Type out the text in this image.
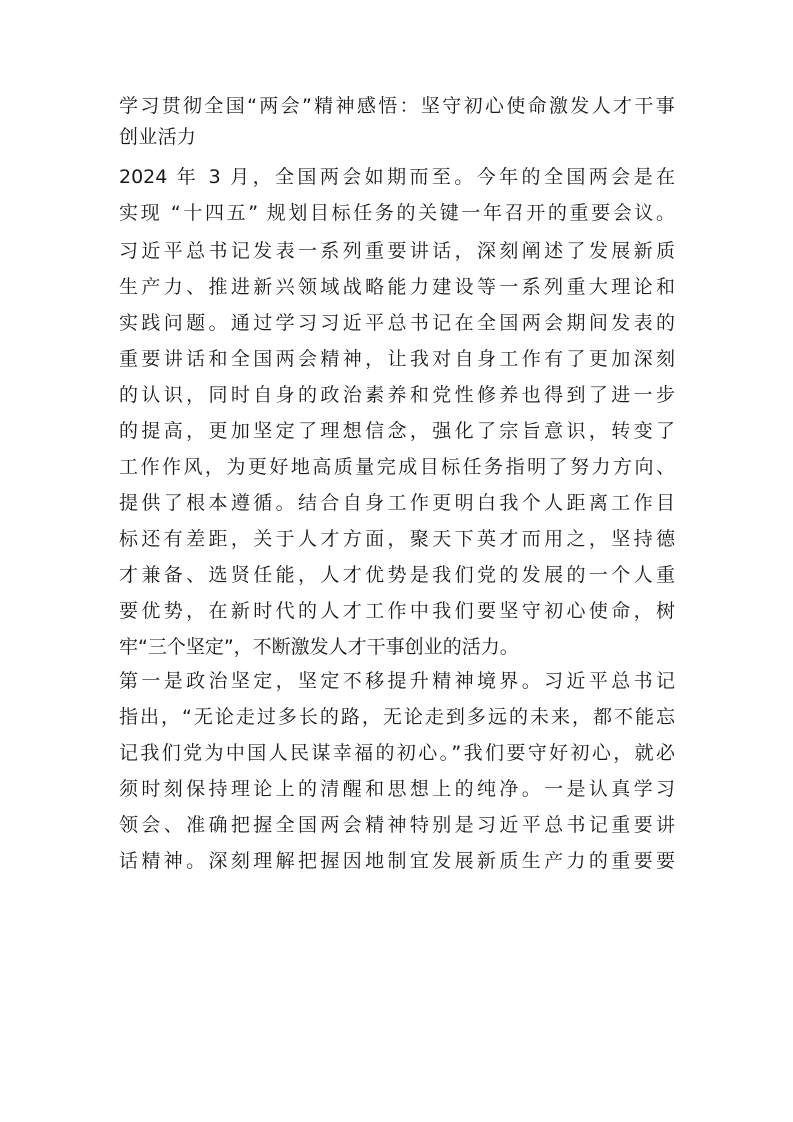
学习贯彻全国“两会”精神感悟：坚守初心使命激发人才干事
创业活力
2024 年 3 月，全国两会如期而至。今年的全国两会是在
实现 “十四五” 规划目标任务的关键一年召开的重要会议。
习近平总书记发表一系列重要讲话，深刻阐述了发展新质
生产力、推进新兴领域战略能力建设等一系列重大理论和
实践问题。通过学习习近平总书记在全国两会期间发表的
重要讲话和全国两会精神，让我对自身工作有了更加深刻
的认识，同时自身的政治素养和党性修养也得到了进一步
的提高，更加坚定了理想信念，强化了宗旨意识，转变了
工作作风，为更好地高质量完成目标任务指明了努力方向、
提供了根本遵循。结合自身工作更明白我个人距离工作目
标还有差距，关于人才方面，聚天下英才而用之，坚持德
才兼备、选贤任能，人才优势是我们党的发展的一个人重
要优势，在新时代的人才工作中我们要坚守初心使命，树
牢“三个坚定”，不断激发人才干事创业的活力。
第一是政治坚定，坚定不移提升精神境界。习近平总书记
指出，“无论走过多长的路，无论走到多远的未来，都不能忘
记我们党为中国人民谋幸福的初心。”我们要守好初心，就必
须时刻保持理论上的清醒和思想上的纯净。一是认真学习
领会、准确把握全国两会精神特别是习近平总书记重要讲
话精神。深刻理解把握因地制宜发展新质生产力的重要要
